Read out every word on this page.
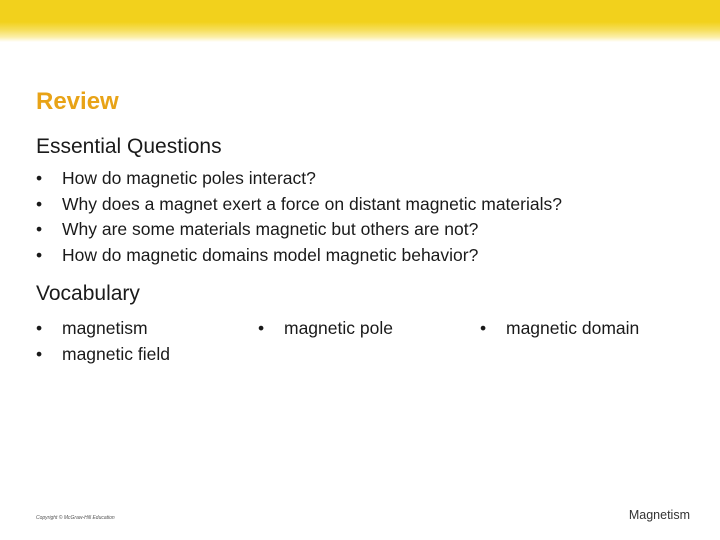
Review
Essential Questions
• How do magnetic poles interact?
• Why does a magnet exert a force on distant magnetic materials?
• Why are some materials magnetic but others are not?
• How do magnetic domains model magnetic behavior?
Vocabulary
• magnetism
• magnetic field
• magnetic pole
•	magnetic domain
Copyright © McGraw-Hill Education	Magnetism
